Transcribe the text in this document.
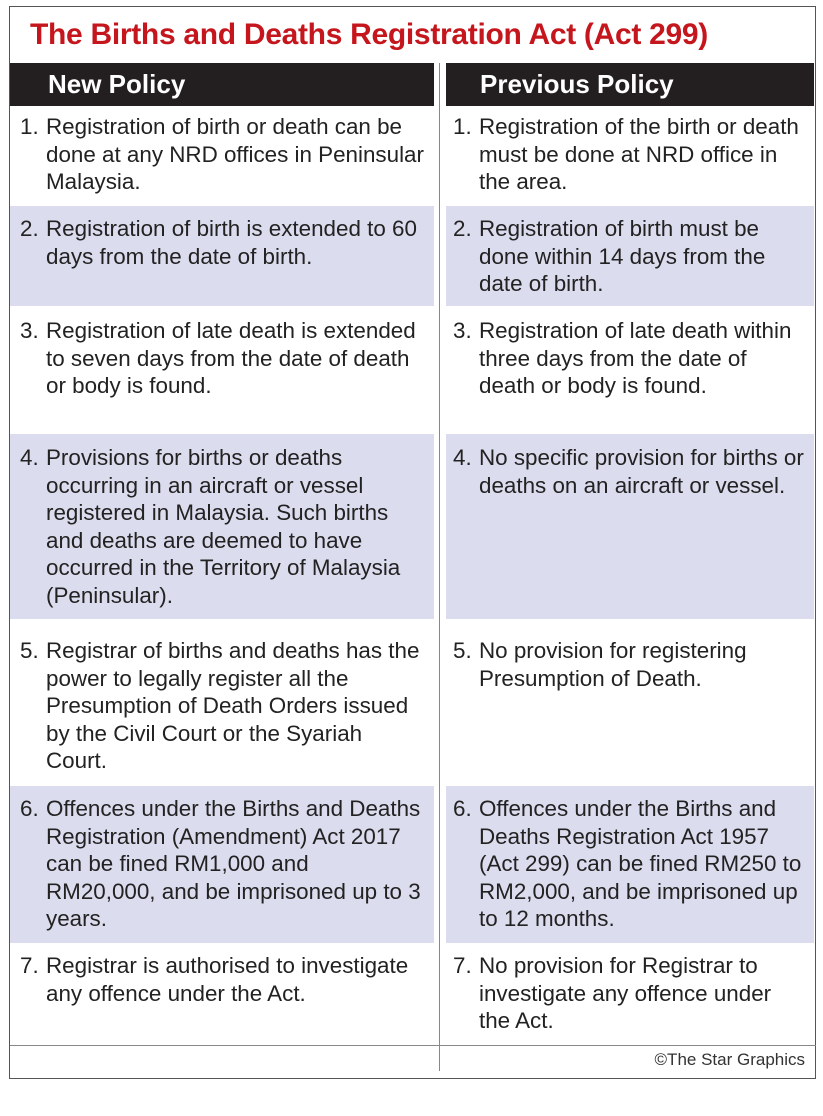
The Births and Deaths Registration Act (Act 299)
New Policy	Previous Policy
1. Registration of birth or death can be done at any NRD offices in Peninsular Malaysia.
1. Registration of the birth or death must be done at NRD office in the area.
2. Registration of birth is extended to 60 days from the date of birth.
2. Registration of birth must be done within 14 days from the date of birth.
3. Registration of late death is extended to seven days from the date of death or body is found.
3. Registration of late death within three days from the date of death or body is found.
4. Provisions for births or deaths occurring in an aircraft or vessel registered in Malaysia. Such births and deaths are deemed to have occurred in the Territory of Malaysia (Peninsular).
4. No specific provision for births or deaths on an aircraft or vessel.
5. Registrar of births and deaths has the power to legally register all the Presumption of Death Orders issued by the Civil Court or the Syariah Court.
5. No provision for registering Presumption of Death.
6. Offences under the Births and Deaths Registration (Amendment) Act 2017 can be fined RM1,000 and RM20,000, and be imprisoned up to 3 years.
6. Offences under the Births and Deaths Registration Act 1957 (Act 299) can be fined RM250 to RM2,000, and be imprisoned up to 12 months.
7. Registrar is authorised to investigate any offence under the Act.
7. No provision for Registrar to investigate any offence under the Act.
©The Star Graphics
